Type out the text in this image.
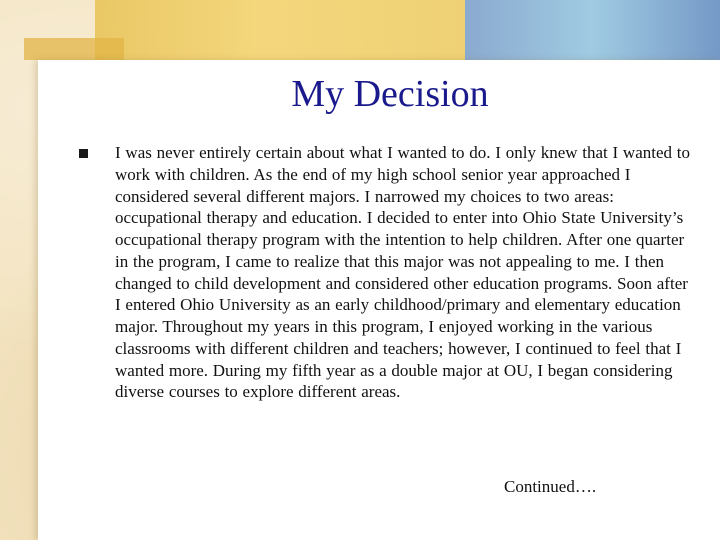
My Decision
I was never entirely certain about what I wanted to do. I only knew that I wanted to work with children. As the end of my high school senior year approached I considered several different majors. I narrowed my choices to two areas: occupational therapy and education. I decided to enter into Ohio State University’s occupational therapy program with the intention to help children. After one quarter in the program, I came to realize that this major was not appealing to me. I then changed to child development and considered other education programs. Soon after I entered Ohio University as an early childhood/primary and elementary education major. Throughout my years in this program, I enjoyed working in the various classrooms with different children and teachers; however, I continued to feel that I wanted more. During my fifth year as a double major at OU, I began considering diverse courses to explore different areas.
Continued….
